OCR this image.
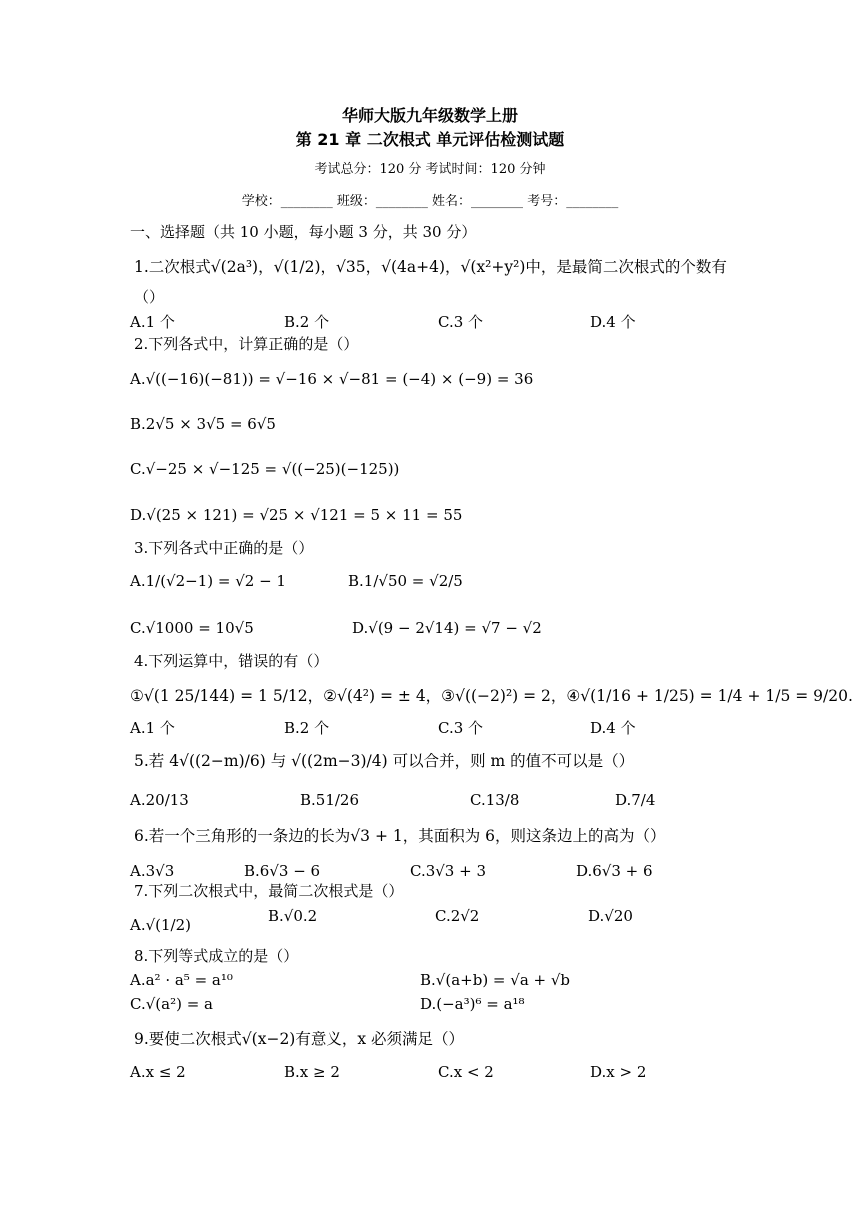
华师大版九年级数学上册
第 21 章 二次根式 单元评估检测试题
考试总分：120 分 考试时间：120 分钟
学校：________ 班级：________ 姓名：________ 考号：________
一、选择题（共 10 小题，每小题 3 分，共 30 分）
1.二次根式√(2a³)，√(1/2)，√35，√(4a+4)，√(x²+y²)中，是最简二次根式的个数有
（）
A.1 个	B.2 个	C.3 个	D.4 个
2.下列各式中，计算正确的是（）
A.√((−16)(−81)) = √−16 × √−81 = (−4) × (−9) = 36
B.2√5 × 3√5 = 6√5
C.√−25 × √−125 = √((−25)(−125))
D.√(25 × 121) = √25 × √121 = 5 × 11 = 55
3.下列各式中正确的是（）
A.1/(√2−1) = √2 − 1	B.1/√50 = √2/5
C.√1000 = 10√5	D.√(9 − 2√14) = √7 − √2
4.下列运算中，错误的有（）
①√(1 25/144) = 1 5/12，②√(4²) = ± 4，③√((−2)²) = 2，④√(1/16 + 1/25) = 1/4 + 1/5 = 9/20.
A.1 个	B.2 个	C.3 个	D.4 个
5.若 4√((2−m)/6) 与 √((2m−3)/4) 可以合并，则 m 的值不可以是（）
A.20/13	B.51/26	C.13/8	D.7/4
6.若一个三角形的一条边的长为√3 + 1，其面积为 6，则这条边上的高为（）
A.3√3	B.6√3 − 6	C.3√3 + 3	D.6√3 + 6
7.下列二次根式中，最简二次根式是（）
A.√(1/2)	B.√0.2	C.2√2	D.√20
8.下列等式成立的是（）
A.a² · a⁵ = a¹⁰	B.√(a+b) = √a + √b
C.√(a²) = a	D.(−a³)⁶ = a¹⁸
9.要使二次根式√(x−2)有意义，x 必须满足（）
A.x ≤ 2	B.x ≥ 2	C.x < 2	D.x > 2
